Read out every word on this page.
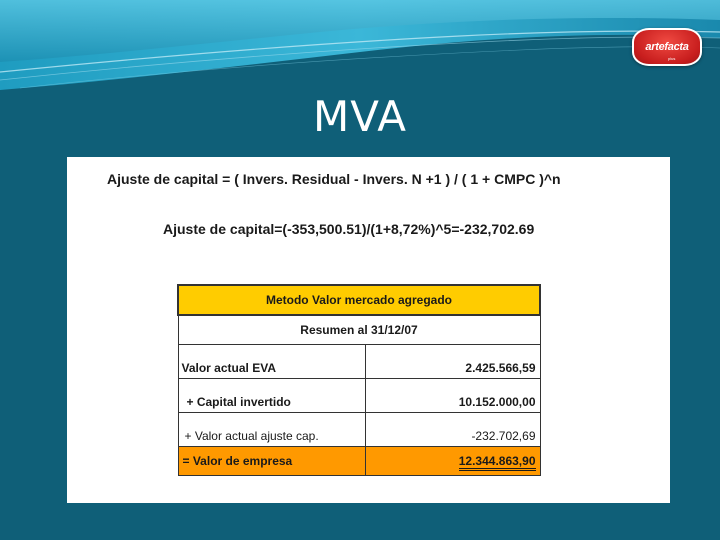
artefacta
plus
MVA
Ajuste de capital = ( Invers. Residual - Invers. N +1 ) / ( 1 + CMPC )^n
Ajuste de capital=(-353,500.51)/(1+8,72%)^5=-232,702.69
Metodo Valor mercado agregado	
Resumen al 31/12/07	
Valor actual EVA	2.425.566,59
+ Capital invertido	10.152.000,00
+ Valor actual ajuste cap.	-232.702,69
= Valor de empresa	12.344.863,90
